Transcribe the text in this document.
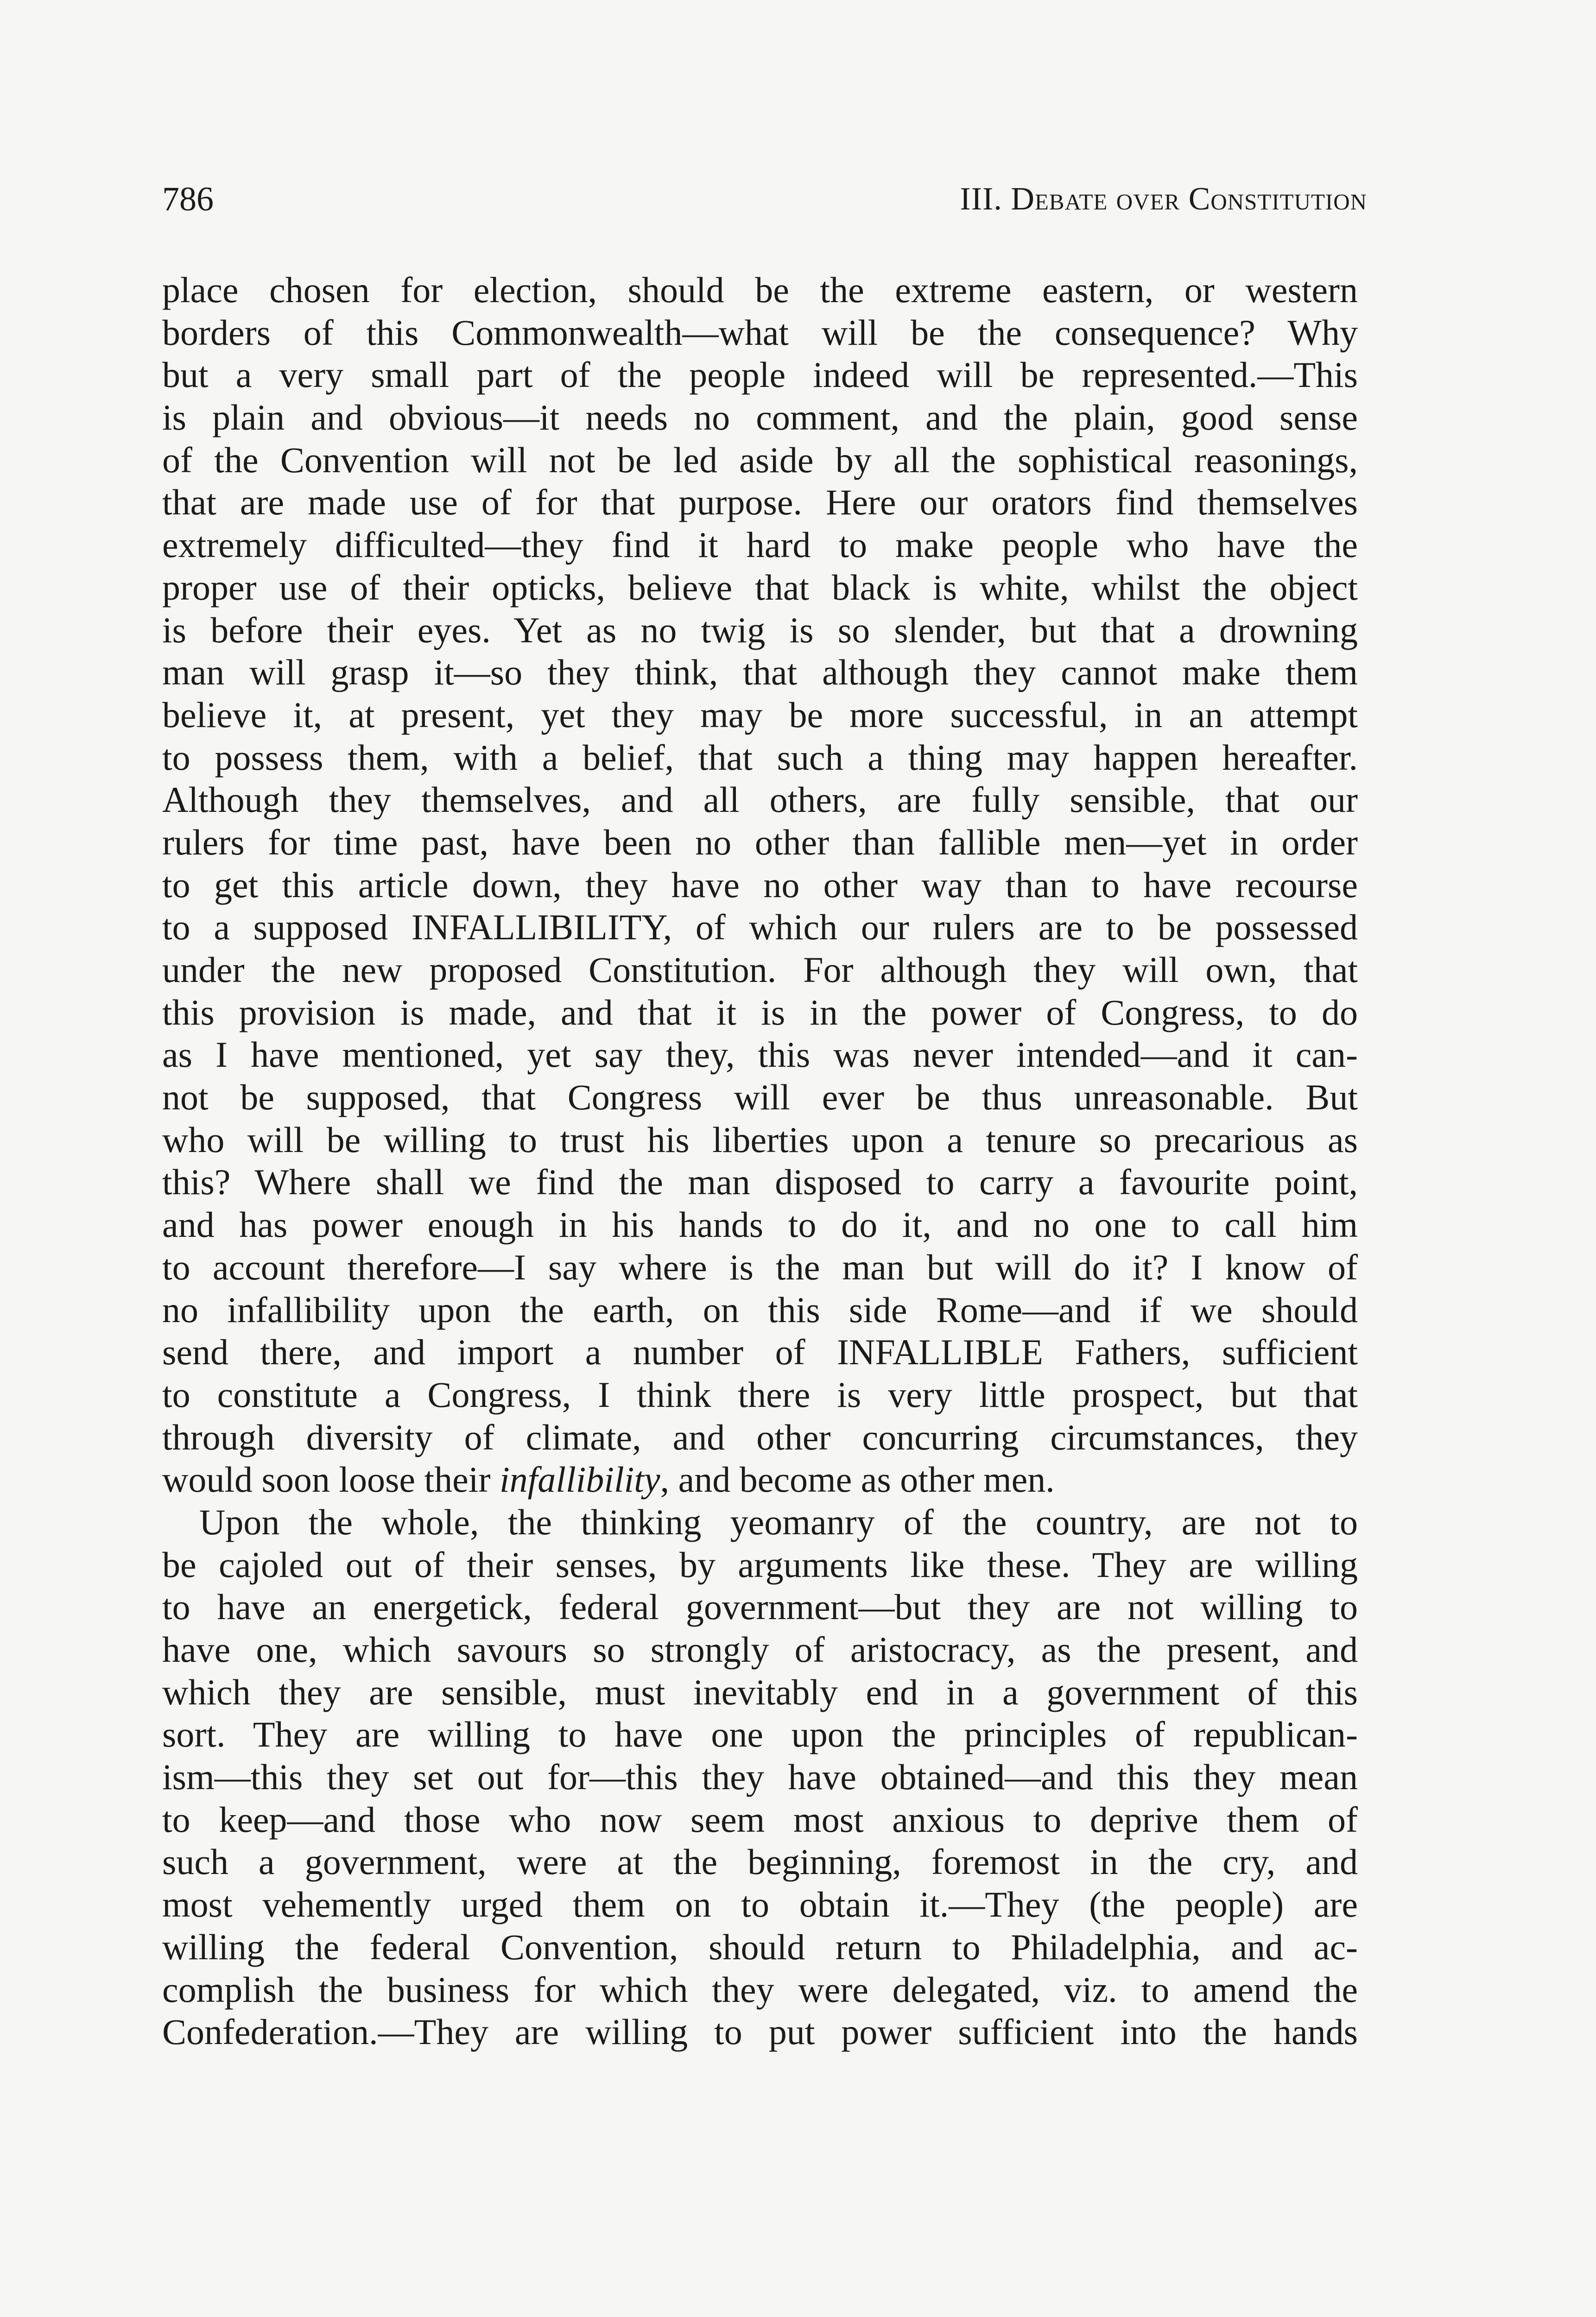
786	III. Debate over Constitution
place chosen for election, should be the extreme eastern, or western
borders of this Commonwealth—what will be the consequence? Why
but a very small part of the people indeed will be represented.—This
is plain and obvious—it needs no comment, and the plain, good sense
of the Convention will not be led aside by all the sophistical reasonings,
that are made use of for that purpose. Here our orators find themselves
extremely difficulted—they find it hard to make people who have the
proper use of their opticks, believe that black is white, whilst the object
is before their eyes. Yet as no twig is so slender, but that a drowning
man will grasp it—so they think, that although they cannot make them
believe it, at present, yet they may be more successful, in an attempt
to possess them, with a belief, that such a thing may happen hereafter.
Although they themselves, and all others, are fully sensible, that our
rulers for time past, have been no other than fallible men—yet in order
to get this article down, they have no other way than to have recourse
to a supposed INFALLIBILITY, of which our rulers are to be possessed
under the new proposed Constitution. For although they will own, that
this provision is made, and that it is in the power of Congress, to do
as I have mentioned, yet say they, this was never intended—and it can-
not be supposed, that Congress will ever be thus unreasonable. But
who will be willing to trust his liberties upon a tenure so precarious as
this? Where shall we find the man disposed to carry a favourite point,
and has power enough in his hands to do it, and no one to call him
to account therefore—I say where is the man but will do it? I know of
no infallibility upon the earth, on this side Rome—and if we should
send there, and import a number of INFALLIBLE Fathers, sufficient
to constitute a Congress, I think there is very little prospect, but that
through diversity of climate, and other concurring circumstances, they
would soon loose their infallibility, and become as other men.
Upon the whole, the thinking yeomanry of the country, are not to
be cajoled out of their senses, by arguments like these. They are willing
to have an energetick, federal government—but they are not willing to
have one, which savours so strongly of aristocracy, as the present, and
which they are sensible, must inevitably end in a government of this
sort. They are willing to have one upon the principles of republican-
ism—this they set out for—this they have obtained—and this they mean
to keep—and those who now seem most anxious to deprive them of
such a government, were at the beginning, foremost in the cry, and
most vehemently urged them on to obtain it.—They (the people) are
willing the federal Convention, should return to Philadelphia, and ac-
complish the business for which they were delegated, viz. to amend the
Confederation.—They are willing to put power sufficient into the hands
